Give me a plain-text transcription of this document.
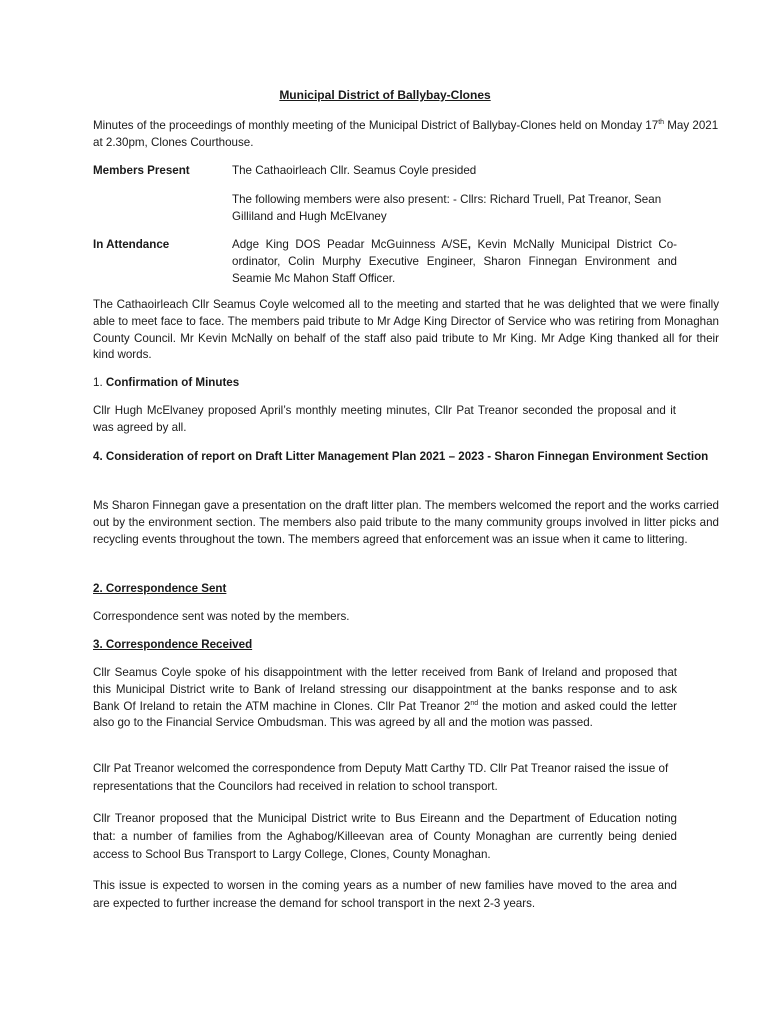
Municipal District of Ballybay-Clones
Minutes of the proceedings of monthly meeting of the Municipal District of Ballybay-Clones held on Monday 17th May 2021 at 2.30pm, Clones Courthouse.
Members Present	The Cathaoirleach Cllr. Seamus Coyle presided
The following members were also present: - Cllrs: Richard Truell, Pat Treanor, Sean Gilliland and Hugh McElvaney
In Attendance	Adge King DOS Peadar McGuinness A/SE, Kevin McNally Municipal District Co-ordinator, Colin Murphy Executive Engineer, Sharon Finnegan Environment and Seamie Mc Mahon Staff Officer.
The Cathaoirleach Cllr Seamus Coyle welcomed all to the meeting and started that he was delighted that we were finally able to meet face to face. The members paid tribute to Mr Adge King Director of Service who was retiring from Monaghan County Council. Mr Kevin McNally on behalf of the staff also paid tribute to Mr King. Mr Adge King thanked all for their kind words.
1. Confirmation of Minutes
Cllr Hugh McElvaney proposed April’s monthly meeting minutes, Cllr Pat Treanor seconded the proposal and it was agreed by all.
4. Consideration of report on Draft Litter Management Plan 2021 – 2023 - Sharon Finnegan Environment Section
Ms Sharon Finnegan gave a presentation on the draft litter plan. The members welcomed the report and the works carried out by the environment section. The members also paid tribute to the many community groups involved in litter picks and recycling events throughout the town. The members agreed that enforcement was an issue when it came to littering.
2. Correspondence Sent
Correspondence sent was noted by the members.
3. Correspondence Received
Cllr Seamus Coyle spoke of his disappointment with the letter received from Bank of Ireland and proposed that this Municipal District write to Bank of Ireland stressing our disappointment at the banks response and to ask Bank Of Ireland to retain the ATM machine in Clones. Cllr Pat Treanor 2nd the motion and asked could the letter also go to the Financial Service Ombudsman. This was agreed by all and the motion was passed.
Cllr Pat Treanor welcomed the correspondence from Deputy Matt Carthy TD. Cllr Pat Treanor raised the issue of representations that the Councilors had received in relation to school transport.
Cllr Treanor proposed that the Municipal District write to Bus Eireann and the Department of Education noting that: a number of families from the Aghabog/Killeevan area of County Monaghan are currently being denied access to School Bus Transport to Largy College, Clones, County Monaghan.
This issue is expected to worsen in the coming years as a number of new families have moved to the area and are expected to further increase the demand for school transport in the next 2-3 years.
